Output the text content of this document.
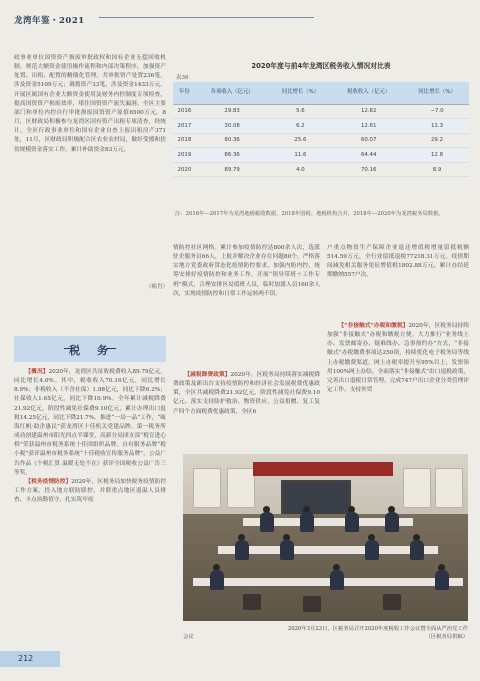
龙湾年鉴・2021

政事业单位国资资产损废审批政权和国有企业无偿回收机制，规范大额资金使用操作流程和内部决策程序，加强资产处置、出租、配置的精细化管理。共审批资产处置236笔，涉及资金5109万元；调拨资产33笔，涉及资金1433万元。开展区属国有企业大额资金使用及财务内控制度专项检查，提高国资资产损废效率，堵住国资资产流失漏洞。全区主要部门和单位内控自行审批损废国资资产原值6500万元。8月，区财政局积极参与龙湾区国有资产出租专项清查，经统计，全区行政事业单位和国有企业自查上报出租房产371处，11月，区财政局积极配合区农业农村局，做好受援和扶贫规模资金落实工作，累计补助资金83万元。

（喻肖）
税　务

【概况】2020年，龙湾区共征收税费收入89.79亿元，同比增长4.0%。其中，税收收入70.16亿元，同比增长8.9%；非税收入（不含社保）1.98亿元，同比下降6.2%；社保收入1.65亿元，同比下降10.9%。全年累计减税降费21.92亿元，阶段性减免社保费9.10亿元，累计办理出口退税14.25亿元，同比下降21.7%。推进“一局一品”工作，“瓯海红帆·助企惠民”获龙湾区十佳机关党建品牌。第一税务所成功创建温州市阳光四点半课堂，高新分局团支部“税宣进心桥”荣获温州市税务系统十佳团组织品牌。自有服务品牌“税小税”获评温州市税务系统“十佳税收宣传服务品牌”，公益广告作品《个税汇算 温暖无处不在》获评全国税收公益广告三等奖。

【税务疫情防控】2020年，区税务局加快税务疫情防控工作方案，投入地方联防联控，并联重点地区返温人员排查、卡点执勤值守、扎实筑牢疫

2020年度与前4年龙湾区税务收入情况对比表
表36
年份	各项收入（亿元）	同比增长（%）	税收收入（亿元）	同比增长（%）
2016	29.83	5.6	12.82	−7.0
2017	30.08	6.2	12.61	11.3
2018	80.36	25.6	60.07	29.2
2019	86.36	11.6	64.44	12.8
2020	89.79	4.0	70.16	8.9
注：2016年—2017年为龙湾地税税收数据，2018年国税、地税机构合并，2018年—2020年为龙湾税务局数据。

情防控社区网格。累计参加疫情防控达800余人次，选派驻企服务员66人，上报并解决企业存在问题80个。严格落实地方党委政府常态化疫情防控要求，加强内防内控，统筹安排好疫情防控和业务工作，开展“领导带班＋工作专班”模式，合理安排区局值班人员，临时加派人员160余人次，实现疫情防控和日常工作运转两不误。

【减税降费政策】2020年，区税务局持续落实减税降费政策及新出台支持疫情防控和经济社会发展税费优惠政策，全区共减税降费21.92亿元，阶段性减免社保费9.10亿元。落实支持防护救治、物资供应、公益捐赠、复工复产四个方面税费优惠政策，全区6

户重点物资生产保障企业退还增值税增量留抵税额514.59万元，全行业留抵退税77218.31万元。疫情期间减免相关服务免征增值税1802.88万元，累计办结延期缴纳557户次。

【“非接触式”办税和缴税】2020年，区税务局持续加强“非接触式”办税和缴税方便。大力推行“业务线上办、发票邮寄办、疑难线办、急事预约办”方式，“非接触式”办税缴费事项达250项，持续优化电子税务局等线上办税缴费渠道，网上办税率提升至95%以上，发票领用100%网上办结。全面落实“非接触式”出口退税政策，完善出口退税日常管理，完成747户出口企业分类管理评定工作。支持外贸

2020年3月23日，区税务局召开2020年度税收工作会议暨全面从严治党工作
会议	（区税务局供稿）
212
